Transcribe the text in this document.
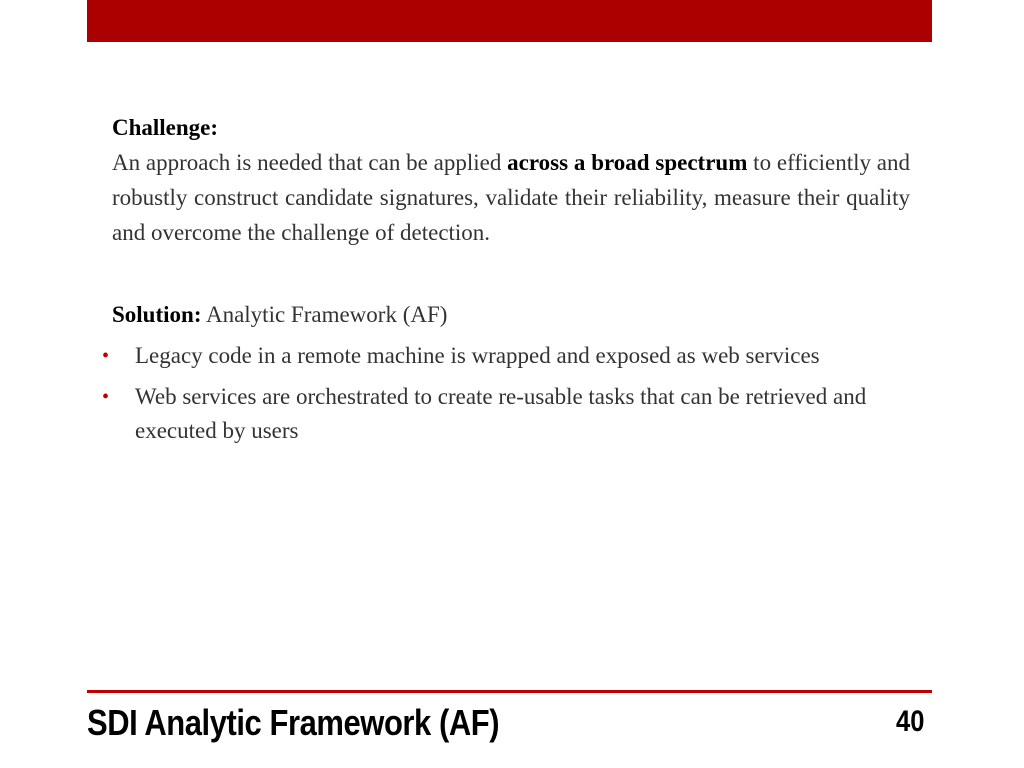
Challenge:
An approach is needed that can be applied across a broad spectrum to efficiently and robustly construct candidate signatures, validate their reliability, measure their quality and overcome the challenge of detection.
Solution: Analytic Framework (AF)
• Legacy code in a remote machine is wrapped and exposed as web services
• Web services are orchestrated to create re-usable tasks that can be retrieved and executed by users
SDI Analytic Framework (AF)	40
